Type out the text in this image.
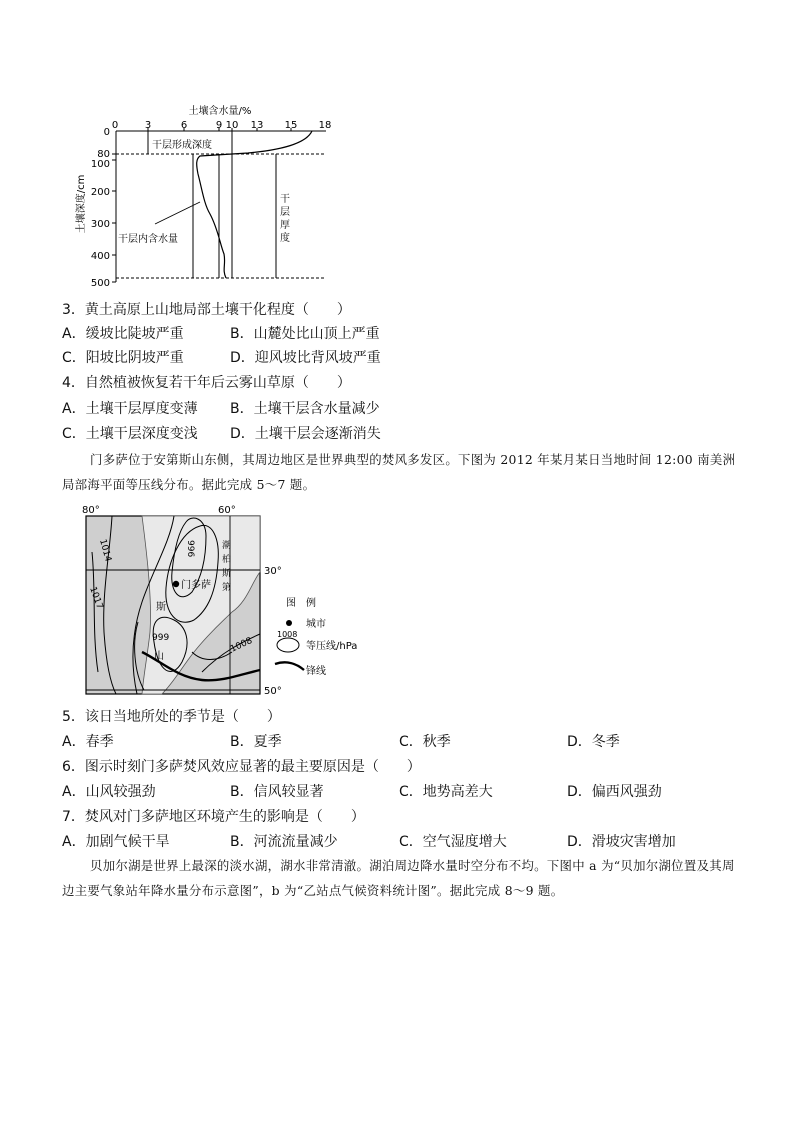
土壤含水量/%
0	3	6	9 10 13 15 18
0
80
100
200
300
400
500
土壤深度/cm
干层形成深度
干层内含水量
干
层
厚
度
3．黄土高原上山地局部土壤干化程度（　　）
A．缓坡比陡坡严重	B．山麓处比山顶上严重
C．阳坡比阴坡严重	D．迎风坡比背风坡严重
4．自然植被恢复若干年后云雾山草原（　　）
A．土壤干层厚度变薄 B．土壤干层含水量减少
C．土壤干层深度变浅 D．土壤干层会逐渐消失
门多萨位于安第斯山东侧，其周边地区是世界典型的焚风多发区。下图为 2012 年某月某日当地时间 12:00 南美洲局部海平面等压线分布。据此完成 5～7 题。
80°	60°
门多萨
斯
山
潮
柏
斯
第
1014
1017
996
999	1008
30°
50°
图　例
城市
1008
等压线/hPa
锋线
5．该日当地所处的季节是（　　）
A．春季	B．夏季	C．秋季	D．冬季
6．图示时刻门多萨焚风效应显著的最主要原因是（　　）
A．山风较强劲	B．信风较显著	C．地势高差大	D．偏西风强劲
7．焚风对门多萨地区环境产生的影响是（　　）
A．加剧气候干旱	B．河流流量减少	C．空气湿度增大	D．滑坡灾害增加
贝加尔湖是世界上最深的淡水湖，湖水非常清澈。湖泊周边降水量时空分布不均。下图中 a 为“贝加尔湖位置及其周边主要气象站年降水量分布示意图”，b 为“乙站点气候资料统计图”。据此完成 8～9 题。
